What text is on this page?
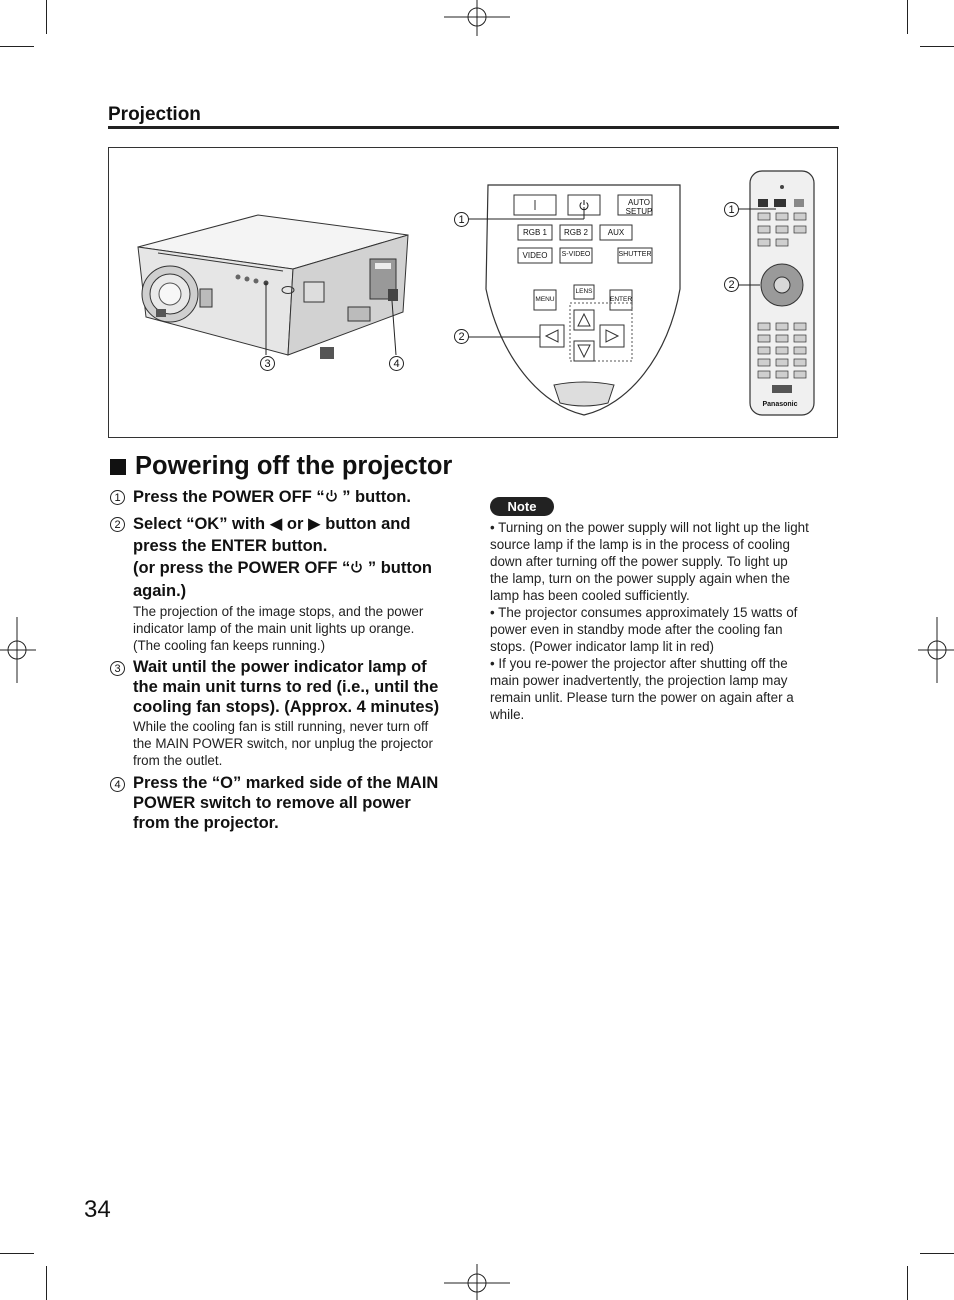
Projection
AUTO
SETUP
RGB 1	RGB 2	AUX
VIDEO	S-VIDEO	SHUTTER
MENU
LENS
ENTER
Panasonic
1
2
3	4
1
2
Powering off the projector
1 Press the POWER OFF “ ” button.
2 Select “OK” with ◀ or ▶ button and
press the ENTER button.
(or press the POWER OFF “ ” button
again.)
The projection of the image stops, and the power
indicator lamp of the main unit lights up orange.
(The cooling fan keeps running.)
3 Wait until the power indicator lamp of
the main unit turns to red (i.e., until the
cooling fan stops). (Approx. 4 minutes)
While the cooling fan is still running, never turn off
the MAIN POWER switch, nor unplug the projector
from the outlet.
4 Press the “O” marked side of the MAIN
POWER switch to remove all power
from the projector.
Note
• Turning on the power supply will not light up the light
source lamp if the lamp is in the process of cooling
down after turning off the power supply. To light up
the lamp, turn on the power supply again when the
lamp has been cooled sufficiently.
• The projector consumes approximately 15 watts of
power even in standby mode after the cooling fan
stops. (Power indicator lamp lit in red)
• If you re-power the projector after shutting off the
main power inadvertently, the projection lamp may
remain unlit. Please turn the power on again after a
while.
34
